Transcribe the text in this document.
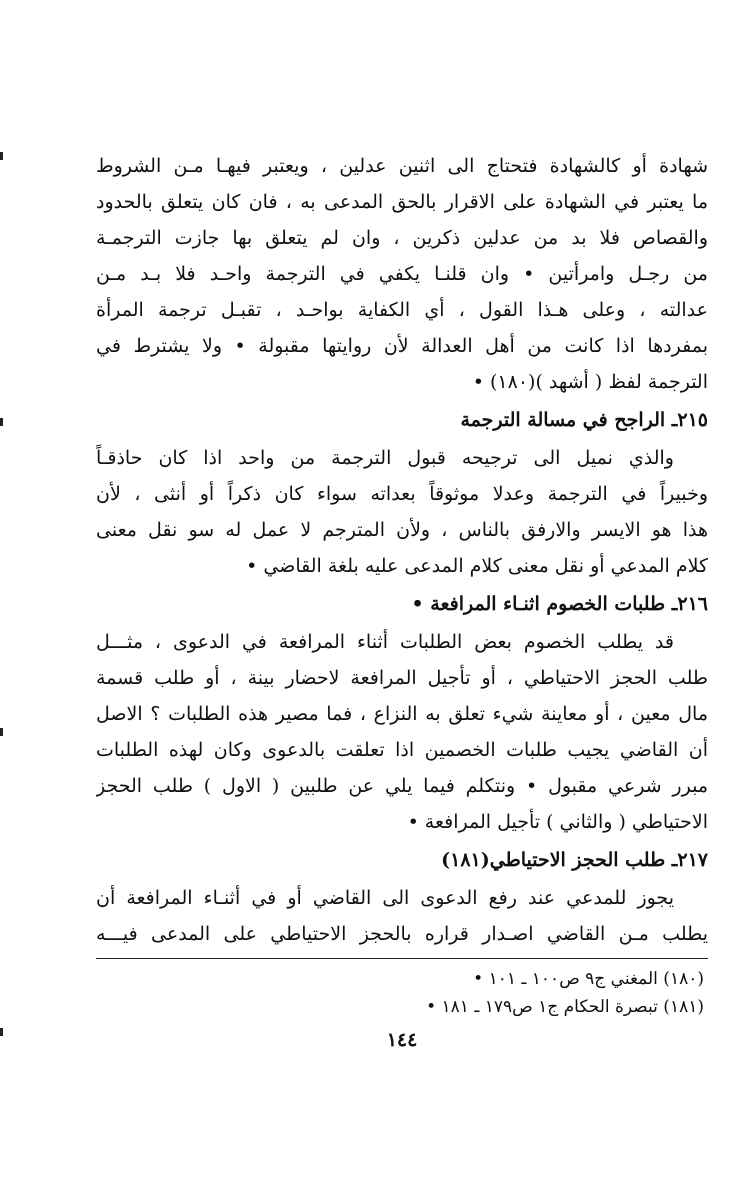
شهادة أو كالشهادة فتحتاج الى اثنين عدلين ، ويعتبر فيهـا مـن الشروط
ما يعتبر في الشهادة على الاقرار بالحق المدعى به ، فان كان يتعلق بالحدود
والقصاص فلا بد من عدلين ذكرين ، وان لم يتعلق بها جازت الترجمـة
من رجـل وامرأتين • وان قلنـا يكفي في الترجمة واحـد فلا بـد مـن
عدالته ، وعلى هـذا القول ، أي الكفاية بواحـد ، تقبـل ترجمة المرأة
بمفردها اذا كانت من أهل العدالة لأن روايتها مقبولة • ولا يشترط في
الترجمة لفظ ( أشهد )(١٨٠) •
٢١٥ـ الراجح في مسالة الترجمة
والذي نميل الى ترجيحه قبول الترجمة من واحد اذا كان حاذقـاً
وخبيراً في الترجمة وعدلا موثوقاً بعداته سواء كان ذكراً أو أنثى ، لأن
هذا هو الايسر والارفق بالناس ، ولأن المترجم لا عمل له سو نقل معنى
كلام المدعي أو نقل معنى كلام المدعى عليه بلغة القاضي •
٢١٦ـ طلبات الخصوم اثنـاء المرافعة •
قد يطلب الخصوم بعض الطلبات أثناء المرافعة في الدعوى ، مثـــل
طلب الحجز الاحتياطي ، أو تأجيل المرافعة لاحضار بينة ، أو طلب قسمة
مال معين ، أو معاينة شيء تعلق به النزاع ، فما مصير هذه الطلبات ؟ الاصل
أن القاضي يجيب طلبات الخصمين اذا تعلقت بالدعوى وكان لهذه الطلبات
مبرر شرعي مقبول • ونتكلم فيما يلي عن طلبين ( الاول ) طلب الحجز
الاحتياطي ( والثاني ) تأجيل المرافعة •
٢١٧ـ طلب الحجز الاحتياطي(١٨١)
يجوز للمدعي عند رفع الدعوى الى القاضي أو في أثنـاء المرافعة أن
يطلب مـن القاضي اصـدار قراره بالحجز الاحتياطي على المدعى فيـــه
(١٨٠) المغني ج٩ ص١٠٠ ـ ١٠١ •
(١٨١) تبصرة الحكام ج١ ص١٧٩ ـ ١٨١ •
١٤٤
